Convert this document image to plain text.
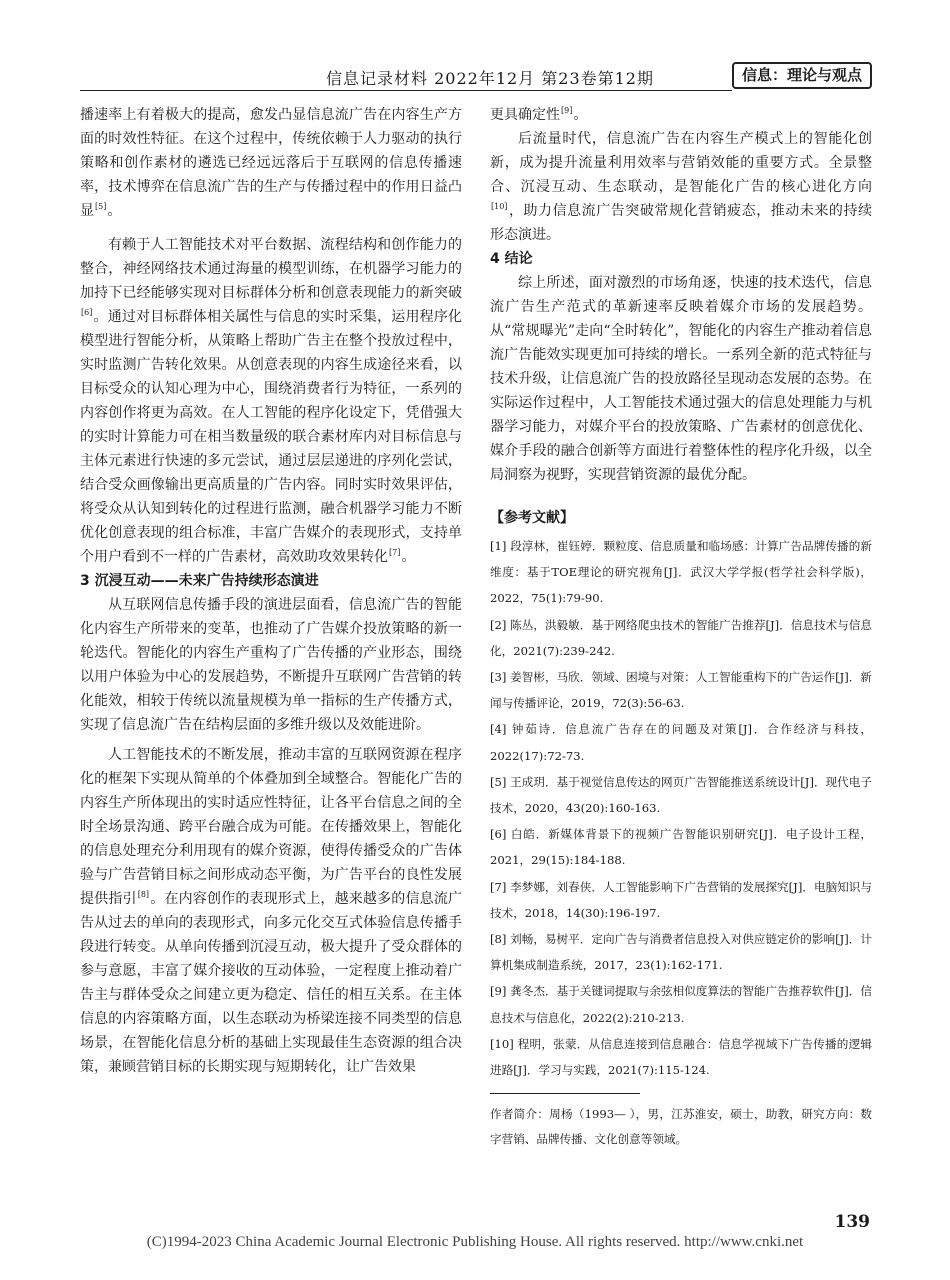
信息记录材料 2022年12月 第23卷第12期	信息：理论与观点

播速率上有着极大的提高，愈发凸显信息流广告在内容生产方面的时效性特征。在这个过程中，传统依赖于人力驱动的执行策略和创作素材的遴选已经远远落后于互联网的信息传播速率，技术博弈在信息流广告的生产与传播过程中的作用日益凸显[5]。

有赖于人工智能技术对平台数据、流程结构和创作能力的整合，神经网络技术通过海量的模型训练，在机器学习能力的加持下已经能够实现对目标群体分析和创意表现能力的新突破[6]。通过对目标群体相关属性与信息的实时采集，运用程序化模型进行智能分析，从策略上帮助广告主在整个投放过程中，实时监测广告转化效果。从创意表现的内容生成途径来看，以目标受众的认知心理为中心，围绕消费者行为特征，一系列的内容创作将更为高效。在人工智能的程序化设定下，凭借强大的实时计算能力可在相当数量级的联合素材库内对目标信息与主体元素进行快速的多元尝试，通过层层递进的序列化尝试，结合受众画像输出更高质量的广告内容。同时实时效果评估，将受众从认知到转化的过程进行监测，融合机器学习能力不断优化创意表现的组合标准，丰富广告媒介的表现形式，支持单个用户看到不一样的广告素材，高效助攻效果转化[7]。

3 沉浸互动——未来广告持续形态演进

从互联网信息传播手段的演进层面看，信息流广告的智能化内容生产所带来的变革，也推动了广告媒介投放策略的新一轮迭代。智能化的内容生产重构了广告传播的产业形态，围绕以用户体验为中心的发展趋势，不断提升互联网广告营销的转化能效，相较于传统以流量规模为单一指标的生产传播方式，实现了信息流广告在结构层面的多维升级以及效能进阶。

人工智能技术的不断发展，推动丰富的互联网资源在程序化的框架下实现从简单的个体叠加到全域整合。智能化广告的内容生产所体现出的实时适应性特征，让各平台信息之间的全时全场景沟通、跨平台融合成为可能。在传播效果上，智能化的信息处理充分利用现有的媒介资源，使得传播受众的广告体验与广告营销目标之间形成动态平衡，为广告平台的良性发展提供指引[8]。在内容创作的表现形式上，越来越多的信息流广告从过去的单向的表现形式，向多元化交互式体验信息传播手段进行转变。从单向传播到沉浸互动，极大提升了受众群体的参与意愿，丰富了媒介接收的互动体验，一定程度上推动着广告主与群体受众之间建立更为稳定、信任的相互关系。在主体信息的内容策略方面，以生态联动为桥梁连接不同类型的信息场景，在智能化信息分析的基础上实现最佳生态资源的组合决策，兼顾营销目标的长期实现与短期转化，让广告效果

更具确定性[9]。

后流量时代，信息流广告在内容生产模式上的智能化创新，成为提升流量利用效率与营销效能的重要方式。全景整合、沉浸互动、生态联动，是智能化广告的核心进化方向[10]，助力信息流广告突破常规化营销疲态，推动未来的持续形态演进。

4 结论

综上所述，面对激烈的市场角逐，快速的技术迭代，信息流广告生产范式的革新速率反映着媒介市场的发展趋势。从“常规曝光”走向“全时转化”，智能化的内容生产推动着信息流广告能效实现更加可持续的增长。一系列全新的范式特征与技术升级，让信息流广告的投放路径呈现动态发展的态势。在实际运作过程中，人工智能技术通过强大的信息处理能力与机器学习能力，对媒介平台的投放策略、广告素材的创意优化、媒介手段的融合创新等方面进行着整体性的程序化升级，以全局洞察为视野，实现营销资源的最优分配。

【参考文献】
[1] 段淳林，崔钰婷．颗粒度、信息质量和临场感：计算广告品牌传播的新维度：基于TOE理论的研究视角[J]．武汉大学学报(哲学社会科学版)，2022，75(1):79-90.
[2] 陈丛，洪毅敏．基于网络爬虫技术的智能广告推荐[J]．信息技术与信息化，2021(7):239-242.
[3] 姜智彬，马欣．领域、困境与对策：人工智能重构下的广告运作[J]．新闻与传播评论，2019，72(3):56-63.
[4] 钟茹诗．信息流广告存在的问题及对策[J]．合作经济与科技，2022(17):72-73.
[5] 王成玥．基于视觉信息传达的网页广告智能推送系统设计[J]．现代电子技术，2020，43(20):160-163.
[6] 白皓．新媒体背景下的视频广告智能识别研究[J]．电子设计工程，2021，29(15):184-188.
[7] 李梦娜，刘春侠．人工智能影响下广告营销的发展探究[J]．电脑知识与技术，2018，14(30):196-197.
[8] 刘畅，易树平．定向广告与消费者信息投入对供应链定价的影响[J]．计算机集成制造系统，2017，23(1):162-171.
[9] 龚冬杰．基于关键词提取与余弦相似度算法的智能广告推荐软件[J]．信息技术与信息化，2022(2):210-213.
[10] 程明，张蒙．从信息连接到信息融合：信息学视域下广告传播的逻辑进路[J]．学习与实践，2021(7):115-124.
作者简介：周杨（1993— ），男，江苏淮安，硕士，助教，研究方向：数字营销、品牌传播、文化创意等领域。
139
(C)1994-2023 China Academic Journal Electronic Publishing House. All rights reserved. http://www.cnki.net
